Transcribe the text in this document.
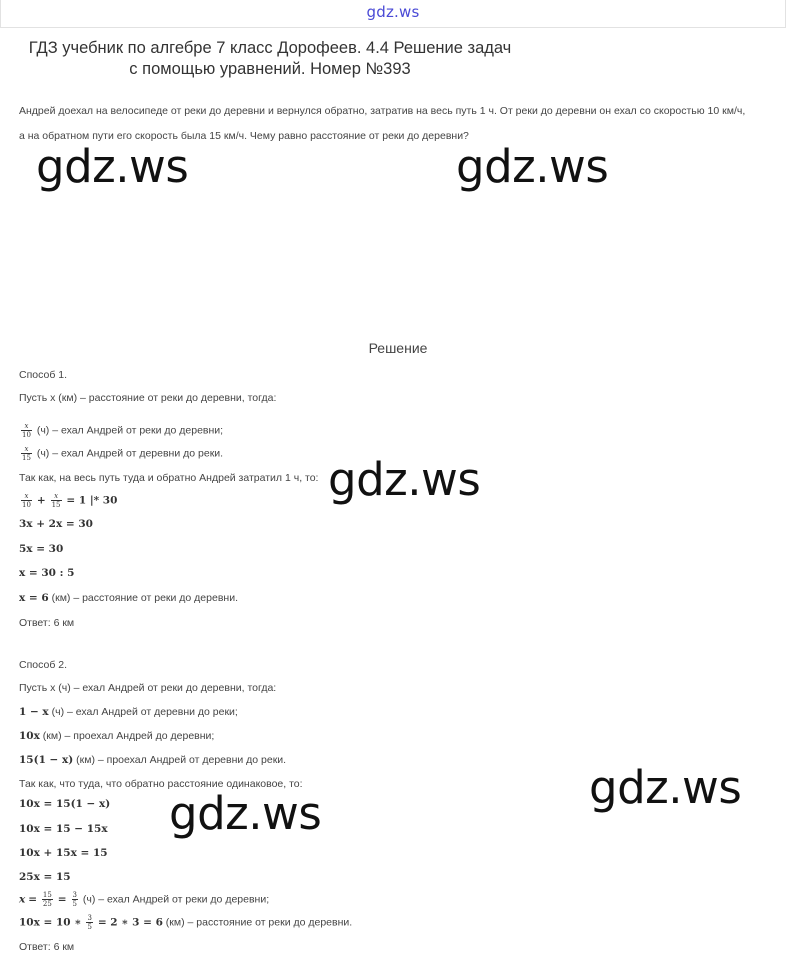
gdz.ws
ГДЗ учебник по алгебре 7 класс Дорофеев. 4.4 Решение задач
с помощью уравнений. Номер №393
Андрей доехал на велосипеде от реки до деревни и вернулся обратно, затратив на весь путь 1 ч. От реки до деревни он ехал со скоростью 10 км/ч,
а на обратном пути его скорость была 15 км/ч. Чему равно расстояние от реки до деревни?
gdz.ws	gdz.ws
Решение
Способ 1.
Пусть x (км) – расстояние от реки до деревни, тогда:
$\frac{x}{10} (ч)$ – ехал Андрей от реки до деревни;
$\frac{x}{15} (ч)$ – ехал Андрей от деревни до реки.
Так как, на весь путь туда и обратно Андрей затратил 1 ч, то:
$\frac{x}{10} + \frac{x}{15} = 1$ |* 30
3x + 2x = 30
5x = 30
x = 30 : 5
x = 6 (км) – расстояние от реки до деревни.
Ответ: 6 км
gdz.ws
Способ 2.
Пусть x (ч) – ехал Андрей от реки до деревни, тогда:
1 − x (ч) – ехал Андрей от деревни до реки;
10x (км) – проехал Андрей до деревни;
15(1 − x) (км) – проехал Андрей от деревни до реки.
Так как, что туда, что обратно расстояние одинаковое, то:
10x = 15(1 − x)
10x = 15 − 15x
10x + 15x = 15
25x = 15
$x = \frac{15}{25} = \frac{3}{5} (ч)$ – ехал Андрей от реки до деревни;
10x = 10 ∗ $\frac{3}{5} = 2$ ∗ 3 = 6 (км) – расстояние от реки до деревни.
Ответ: 6 км
gdz.ws
gdz.ws
